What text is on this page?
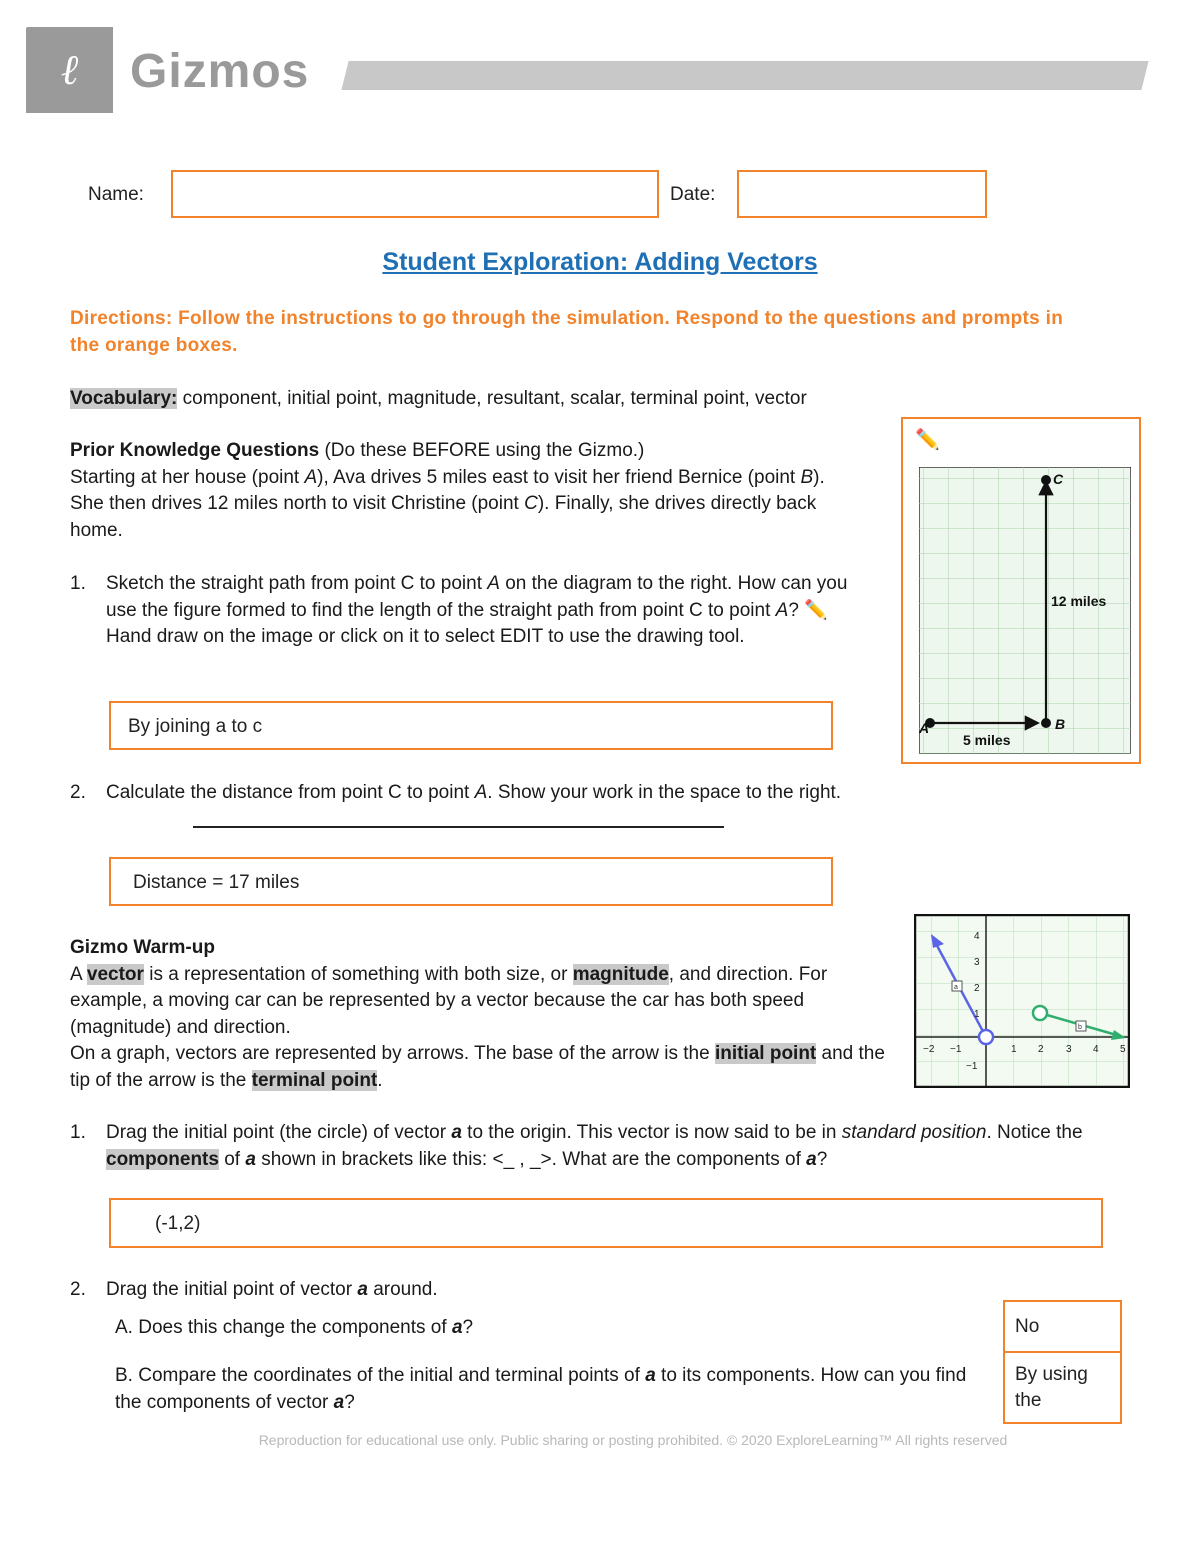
ℓ	Gizmos
Name:	Date:
Student Exploration: Adding Vectors
Directions: Follow the instructions to go through the simulation. Respond to the questions and prompts in the orange boxes.
Vocabulary: component, initial point, magnitude, resultant, scalar, terminal point, vector
Prior Knowledge Questions (Do these BEFORE using the Gizmo.)
Starting at her house (point A), Ava drives 5 miles east to visit her friend Bernice (point B). She then drives 12 miles north to visit Christine (point C). Finally, she drives directly back home.
1. Sketch the straight path from point C to point A on the diagram to the right. How can you use the figure formed to find the length of the straight path from point C to point A? ✏️ Hand draw on the image or click on it to select EDIT to use the drawing tool.
By joining a to c
2. Calculate the distance from point C to point A. Show your work in the space to the right.
Distance = 17 miles
✏️
A	B
C
5 miles
12 miles
Gizmo Warm-up
A vector is a representation of something with both size, or magnitude, and direction. For example, a moving car can be represented by a vector because the car has both speed (magnitude) and direction.
On a graph, vectors are represented by arrows. The base of the arrow is the initial point and the tip of the arrow is the terminal point.
a
b
−2 −1	1 2 3 4 5
4
3
2
1
−1
1. Drag the initial point (the circle) of vector a to the origin. This vector is now said to be in standard position. Notice the components of a shown in brackets like this: <_ , _>. What are the components of a?
(-1,2)
2. Drag the initial point of vector a around.
A. Does this change the components of a?
B. Compare the coordinates of the initial and terminal points of a to its components. How can you find the components of vector a?
No
By using the
Reproduction for educational use only. Public sharing or posting prohibited. © 2020 ExploreLearning™ All rights reserved
